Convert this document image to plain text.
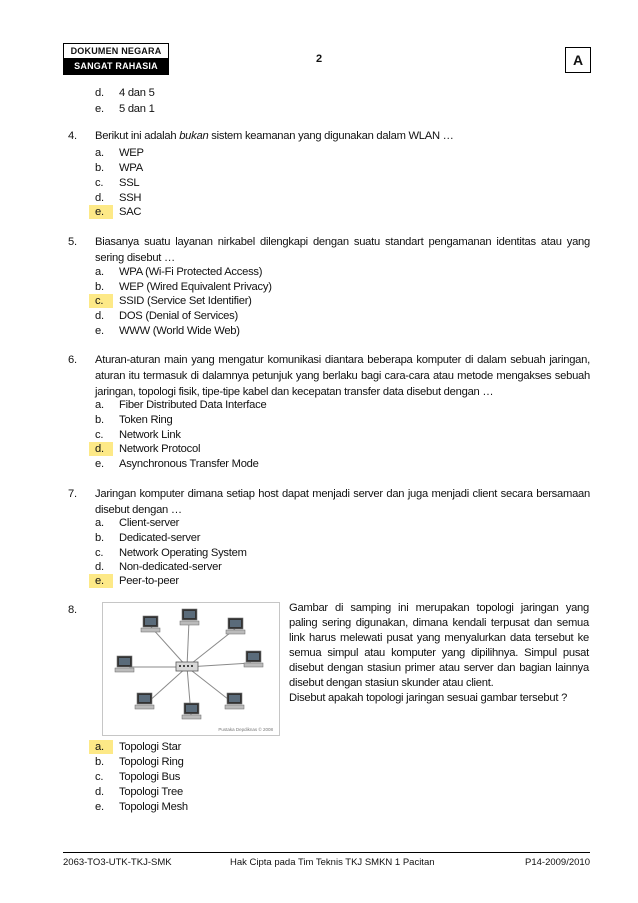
DOKUMEN NEGARA
SANGAT RAHASIA
2	A
d. 4 dan 5
e. 5 dan 1
4. Berikut ini adalah bukan sistem keamanan yang digunakan dalam WLAN …
a. WEP
b. WPA
c. SSL
d. SSH
e. SAC
5. Biasanya suatu layanan nirkabel dilengkapi dengan suatu standart pengamanan identitas atau yang sering disebut …
a. WPA (Wi-Fi Protected Access)
b. WEP (Wired Equivalent Privacy)
c. SSID (Service Set Identifier)
d. DOS (Denial of Services)
e. WWW (World Wide Web)
6. Aturan-aturan main yang mengatur komunikasi diantara beberapa komputer di dalam sebuah jaringan, aturan itu termasuk di dalamnya petunjuk yang berlaku bagi cara-cara atau metode mengakses sebuah jaringan, topologi fisik, tipe-tipe kabel dan kecepatan transfer data disebut dengan …
a. Fiber Distributed Data Interface
b. Token Ring
c. Network Link
d. Network Protocol
e. Asynchronous Transfer Mode
7. Jaringan komputer dimana setiap host dapat menjadi server dan juga menjadi client secara bersamaan disebut dengan …
a. Client-server
b. Dedicated-server
c. Network Operating System
d. Non-dedicated-server
e. Peer-to-peer
8.
Pustaka Depdiknas © 2008

Gambar di samping ini merupakan topologi jaringan yang paling sering digunakan, dimana kendali terpusat dan semua link harus melewati pusat yang menyalurkan data tersebut ke semua simpul atau komputer yang dipilihnya. Simpul pusat disebut dengan stasiun primer atau server dan bagian lainnya disebut dengan stasiun skunder atau client.

Disebut apakah topologi jaringan sesuai gambar tersebut ?

a. Topologi Star
b. Topologi Ring
c. Topologi Bus
d. Topologi Tree
e. Topologi Mesh
2063-TO3-UTK-TKJ-SMK	Hak Cipta pada Tim Teknis TKJ SMKN 1 Pacitan	P14-2009/2010
